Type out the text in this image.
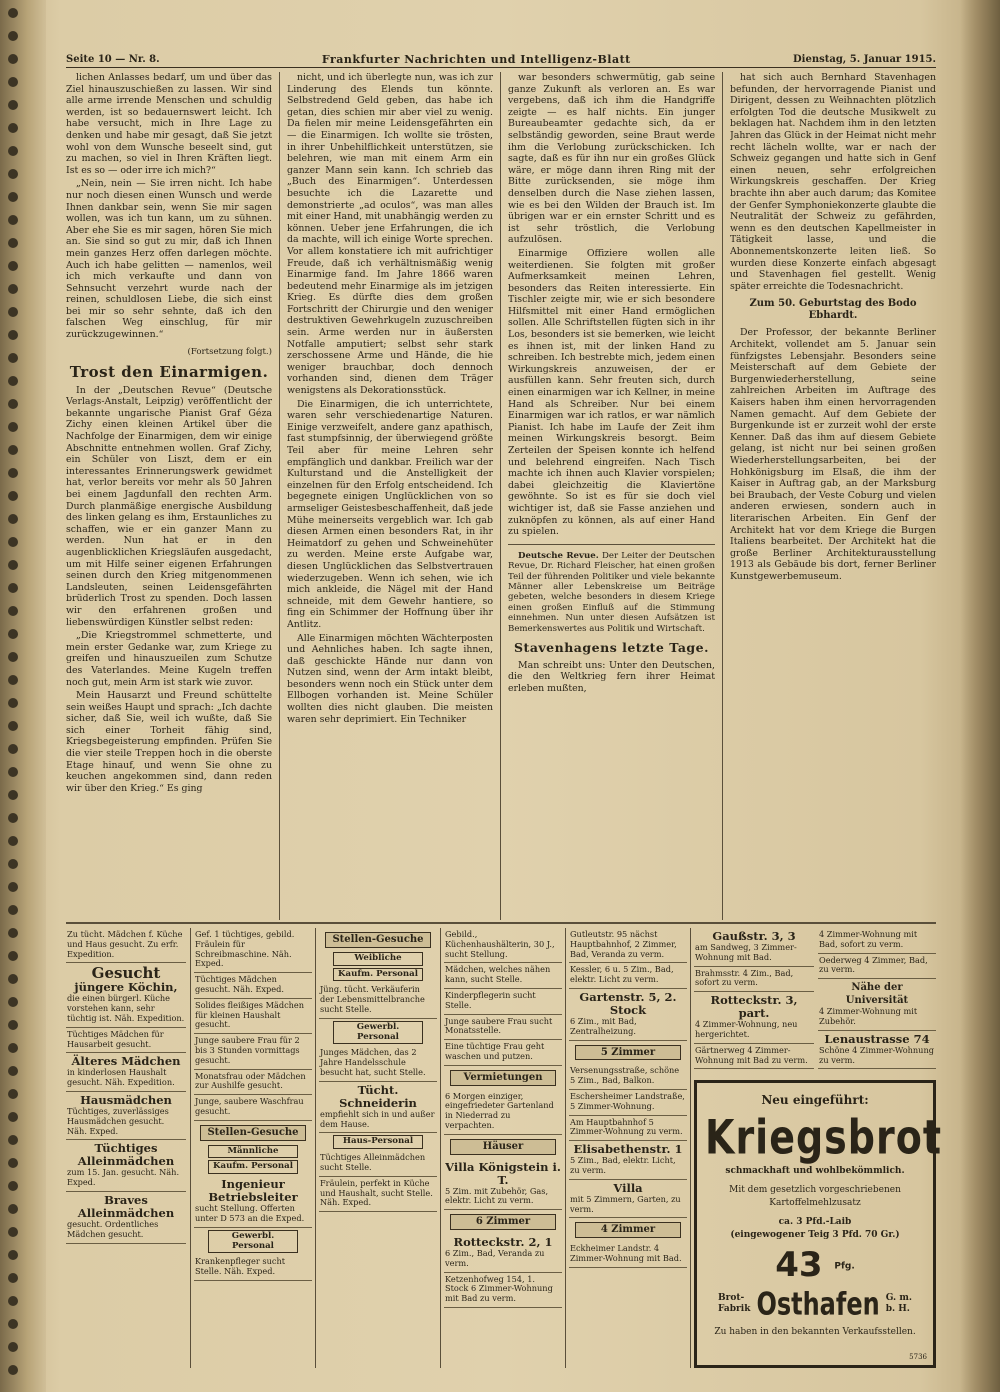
Seite 10 — Nr. 8.	Frankfurter Nachrichten und Intelligenz-Blatt	Dienstag, 5. Januar 1915.

lichen Anlasses bedarf, um und über das Ziel hinauszuschießen zu lassen. Wir sind alle arme irrende Menschen und schuldig werden, ist so bedauernswert leicht. Ich habe versucht, mich in Ihre Lage zu denken und habe mir gesagt, daß Sie jetzt wohl von dem Wunsche beseelt sind, gut zu machen, so viel in Ihren Kräften liegt. Ist es so — oder irre ich mich?“

„Nein, nein — Sie irren nicht. Ich habe nur noch diesen einen Wunsch und werde Ihnen dankbar sein, wenn Sie mir sagen wollen, was ich tun kann, um zu sühnen. Aber ehe Sie es mir sagen, hören Sie mich an. Sie sind so gut zu mir, daß ich Ihnen mein ganzes Herz offen darlegen möchte. Auch ich habe gelitten — namenlos, weil ich mich verkaufte und dann von Sehnsucht verzehrt wurde nach der reinen, schuldlosen Liebe, die sich einst bei mir so sehr sehnte, daß ich den falschen Weg einschlug, für mir zurückzugewinnen.“

(Fortsetzung folgt.)
Trost den Einarmigen.

In der „Deutschen Revue“ (Deutsche Verlags-Anstalt, Leipzig) veröffentlicht der bekannte ungarische Pianist Graf Géza Zichy einen kleinen Artikel über die Nachfolge der Einarmigen, dem wir einige Abschnitte entnehmen wollen. Graf Zichy, ein Schüler von Liszt, dem er ein interessantes Erinnerungswerk gewidmet hat, verlor bereits vor mehr als 50 Jahren bei einem Jagdunfall den rechten Arm. Durch planmäßige energische Ausbildung des linken gelang es ihm, Erstaunliches zu schaffen, wie er ein ganzer Mann zu werden. Nun hat er in den augenblicklichen Kriegsläufen ausgedacht, um mit Hilfe seiner eigenen Erfahrungen seinen durch den Krieg mitgenommenen Landsleuten, seinen Leidensgefährten brüderlich Trost zu spenden. Doch lassen wir den erfahrenen großen und liebenswürdigen Künstler selbst reden:

„Die Kriegstrommel schmetterte, und mein erster Gedanke war, zum Kriege zu greifen und hinauszueilen zum Schutze des Vaterlandes. Meine Kugeln treffen noch gut, mein Arm ist stark wie zuvor.

Mein Hausarzt und Freund schüttelte sein weißes Haupt und sprach: „Ich dachte sicher, daß Sie, weil ich wußte, daß Sie sich einer Torheit fähig sind, Kriegsbegeisterung empfinden. Prüfen Sie die vier steile Treppen hoch in die oberste Etage hinauf, und wenn Sie ohne zu keuchen angekommen sind, dann reden wir über den Krieg.“ Es ging

nicht, und ich überlegte nun, was ich zur Linderung des Elends tun könnte. Selbstredend Geld geben, das habe ich getan, dies schien mir aber viel zu wenig. Da fielen mir meine Leidensgefährten ein — die Einarmigen. Ich wollte sie trösten, in ihrer Unbehilflichkeit unterstützen, sie belehren, wie man mit einem Arm ein ganzer Mann sein kann. Ich schrieb das „Buch des Einarmigen“. Unterdessen besuchte ich die Lazarette und demonstrierte „ad oculos“, was man alles mit einer Hand, mit unabhängig werden zu können. Ueber jene Erfahrungen, die ich da machte, will ich einige Worte sprechen. Vor allem konstatiere ich mit aufrichtiger Freude, daß ich verhältnismäßig wenig Einarmige fand. Im Jahre 1866 waren bedeutend mehr Einarmige als im jetzigen Krieg. Es dürfte dies dem großen Fortschritt der Chirurgie und den weniger destruktiven Gewehrkugeln zuzuschreiben sein. Arme werden nur in äußersten Notfalle amputiert; selbst sehr stark zerschossene Arme und Hände, die hie weniger brauchbar, doch dennoch vorhanden sind, dienen dem Träger wenigstens als Dekorationsstück.

Die Einarmigen, die ich unterrichtete, waren sehr verschiedenartige Naturen. Einige verzweifelt, andere ganz apathisch, fast stumpfsinnig, der überwiegend größte Teil aber für meine Lehren sehr empfänglich und dankbar. Freilich war der Kulturstand und die Anstelligkeit der einzelnen für den Erfolg entscheidend. Ich begegnete einigen Unglücklichen von so armseliger Geistesbeschaffenheit, daß jede Mühe meinerseits vergeblich war. Ich gab diesen Armen einen besonders Rat, in ihr Heimatdorf zu gehen und Schweinehüter zu werden. Meine erste Aufgabe war, diesen Unglücklichen das Selbstvertrauen wiederzugeben. Wenn ich sehen, wie ich mich ankleide, die Nägel mit der Hand schneide, mit dem Gewehr hantiere, so fing ein Schimmer der Hoffnung über ihr Antlitz.

Alle Einarmigen möchten Wächterposten und Aehnliches haben. Ich sagte ihnen, daß geschickte Hände nur dann von Nutzen sind, wenn der Arm intakt bleibt, besonders wenn noch ein Stück unter dem Ellbogen vorhanden ist. Meine Schüler wollten dies nicht glauben. Die meisten waren sehr deprimiert. Ein Techniker

war besonders schwermütig, gab seine ganze Zukunft als verloren an. Es war vergebens, daß ich ihm die Handgriffe zeigte — es half nichts. Ein junger Bureaubeamter gedachte sich, da er selbständig geworden, seine Braut werde ihm die Verlobung zurückschicken. Ich sagte, daß es für ihn nur ein großes Glück wäre, er möge dann ihren Ring mit der Bitte zurücksenden, sie möge ihm denselben durch die Nase ziehen lassen, wie es bei den Wilden der Brauch ist. Im übrigen war er ein ernster Schritt und es ist sehr tröstlich, die Verlobung aufzulösen.

Einarmige Offiziere wollen alle weiterdienen. Sie folgten mit großer Aufmerksamkeit meinen Lehren, besonders das Reiten interessierte. Ein Tischler zeigte mir, wie er sich besondere Hilfsmittel mit einer Hand ermöglichen sollen. Alle Schriftstellen fügten sich in ihr Los, besonders ist sie bemerken, wie leicht es ihnen ist, mit der linken Hand zu schreiben. Ich bestrebte mich, jedem einen Wirkungskreis anzuweisen, der er ausfüllen kann. Sehr freuten sich, durch einen einarmigen war ich Kellner, in meine Hand als Schreiber. Nur bei einem Einarmigen war ich ratlos, er war nämlich Pianist. Ich habe im Laufe der Zeit ihm meinen Wirkungskreis besorgt. Beim Zerteilen der Speisen konnte ich helfend und belehrend eingreifen. Nach Tisch machte ich ihnen auch Klavier vorspielen; dabei gleichzeitig die Klaviertöne gewöhnte. So ist es für sie doch viel wichtiger ist, daß sie Fasse anziehen und zuknöpfen zu können, als auf einer Hand zu spielen.

Deutsche Revue. Der Leiter der Deutschen Revue, Dr. Richard Fleischer, hat einen großen Teil der führenden Politiker und viele bekannte Männer aller Lebenskreise um Beiträge gebeten, welche besonders in diesem Kriege einen großen Einfluß auf die Stimmung einnehmen. Nun unter diesen Aufsätzen ist Bemerkenswertes aus Politik und Wirtschaft.

Stavenhagens letzte Tage.

Man schreibt uns: Unter den Deutschen, die den Weltkrieg fern ihrer Heimat erleben mußten,

hat sich auch Bernhard Stavenhagen befunden, der hervorragende Pianist und Dirigent, dessen zu Weihnachten plötzlich erfolgten Tod die deutsche Musikwelt zu beklagen hat. Nachdem ihm in den letzten Jahren das Glück in der Heimat nicht mehr recht lächeln wollte, war er nach der Schweiz gegangen und hatte sich in Genf einen neuen, sehr erfolgreichen Wirkungskreis geschaffen. Der Krieg brachte ihn aber auch darum; das Komitee der Genfer Symphoniekonzerte glaubte die Neutralität der Schweiz zu gefährden, wenn es den deutschen Kapellmeister in Tätigkeit lasse, und die Abonnementskonzerte leiten ließ. So wurden diese Konzerte einfach abgesagt und Stavenhagen fiel gestellt. Wenig später erreichte die Todesnachricht.

Zum 50. Geburtstag des Bodo Ebhardt.

Der Professor, der bekannte Berliner Architekt, vollendet am 5. Januar sein fünfzigstes Lebensjahr. Besonders seine Meisterschaft auf dem Gebiete der Burgenwiederherstellung, seine zahlreichen Arbeiten im Auftrage des Kaisers haben ihm einen hervorragenden Namen gemacht. Auf dem Gebiete der Burgenkunde ist er zurzeit wohl der erste Kenner. Daß das ihm auf diesem Gebiete gelang, ist nicht nur bei seinen großen Wiederherstellungsarbeiten, bei der Hohkönigsburg im Elsaß, die ihm der Kaiser in Auftrag gab, an der Marksburg bei Braubach, der Veste Coburg und vielen anderen erwiesen, sondern auch in literarischen Arbeiten. Ein Genf der Architekt hat vor dem Kriege die Burgen Italiens bearbeitet. Der Architekt hat die große Berliner Architekturausstellung 1913 als Gebäude bis dort, ferner Berliner Kunstgewerbemuseum.

Zu tücht. Mädchen f. Küche und Haus gesucht. Zu erfr. Expedition.
Gesucht
jüngere Köchin,
die einen bürgerl. Küche vorstehen kann, sehr tüchtig ist. Näh. Expedition.
Tüchtiges Mädchen für Hausarbeit gesucht.
Älteres Mädchen
in kinderlosen Haushalt gesucht. Näh. Expedition.
Hausmädchen
Tüchtiges, zuverlässiges Hausmädchen gesucht. Näh. Exped.
Tüchtiges Alleinmädchen
zum 15. Jan. gesucht. Näh. Exped.
Braves Alleinmädchen
gesucht. Ordentliches Mädchen gesucht.
Gef. 1 tüchtiges, gebild. Fräulein für Schreibmaschine. Näh. Exped.
Tüchtiges Mädchen gesucht. Näh. Exped.
Solides fleißiges Mädchen für kleinen Haushalt gesucht.
Junge saubere Frau für 2 bis 3 Stunden vormittags gesucht.
Monatsfrau oder Mädchen zur Aushilfe gesucht.
Junge, saubere Waschfrau gesucht.
Stellen-Gesuche
Männliche
Kaufm. Personal
Ingenieur Betriebsleiter
sucht Stellung. Offerten unter D 573 an die Exped.
Gewerbl. Personal
Krankenpfleger sucht Stelle. Näh. Exped.
Stellen-Gesuche
Weibliche
Kaufm. Personal
Jüng. tücht. Verkäuferin der Lebensmittelbranche sucht Stelle.
Gewerbl. Personal
Junges Mädchen, das 2 Jahre Handelsschule besucht hat, sucht Stelle.
Tücht. Schneiderin
empfiehlt sich in und außer dem Hause.
Haus-Personal
Tüchtiges Alleinmädchen sucht Stelle.
Fräulein, perfekt in Küche und Haushalt, sucht Stelle. Näh. Exped.
Gebild., Küchenhaushälterin, 30 J., sucht Stellung.
Mädchen, welches nähen kann, sucht Stelle.
Kinderpflegerin sucht Stelle.
Junge saubere Frau sucht Monatsstelle.
Eine tüchtige Frau geht waschen und putzen.
Vermietungen
6 Morgen einziger, eingefriedeter Gartenland in Niederrad zu verpachten.
Häuser
Villa Königstein i. T.
5 Zim. mit Zubehör, Gas, elektr. Licht zu verm.
6 Zimmer
Rotteckstr. 2, 1
6 Zim., Bad, Veranda zu verm.
Ketzenhofweg 154, 1. Stock 6 Zimmer-Wohnung mit Bad zu verm.
Gutleutstr. 95 nächst Hauptbahnhof, 2 Zimmer, Bad, Veranda zu verm.
Kessler, 6 u. 5 Zim., Bad, elektr. Licht zu verm.
Gartenstr. 5, 2. Stock
6 Zim., mit Bad, Zentralheizung.
5 Zimmer
Versenungsstraße, schöne 5 Zim., Bad, Balkon.
Eschersheimer Landstraße, 5 Zimmer-Wohnung.
Am Hauptbahnhof 5 Zimmer-Wohnung zu verm.
Elisabethenstr. 1
5 Zim., Bad, elektr. Licht, zu verm.
Villa
mit 5 Zimmern, Garten, zu verm.
4 Zimmer
Eckheimer Landstr. 4 Zimmer-Wohnung mit Bad.
Gaußstr. 3, 3
am Sandweg, 3 Zimmer-Wohnung mit Bad.
Brahmsstr. 4 Zim., Bad, sofort zu verm.
Rotteckstr. 3, part.
4 Zimmer-Wohnung, neu hergerichtet.
Gärtnerweg 4 Zimmer-Wohnung mit Bad zu verm.
4 Zimmer-Wohnung mit Bad, sofort zu verm.
Oederweg 4 Zimmer, Bad, zu verm.
Nähe der Universität
4 Zimmer-Wohnung mit Zubehör.
Lenaustrasse 74
Schöne 4 Zimmer-Wohnung zu verm.
Neu eingeführt:
Kriegsbrot
schmackhaft und wohlbekömmlich.
Mit dem gesetzlich vorgeschriebenen Kartoffelmehlzusatz
ca. 3 Pfd.-Laib
(eingewogener Teig 3 Pfd. 70 Gr.)
43 Pfg.
Brot-
Fabrik Osthafen G. m.
b. H.
Zu haben in den bekannten Verkaufsstellen.
5736
